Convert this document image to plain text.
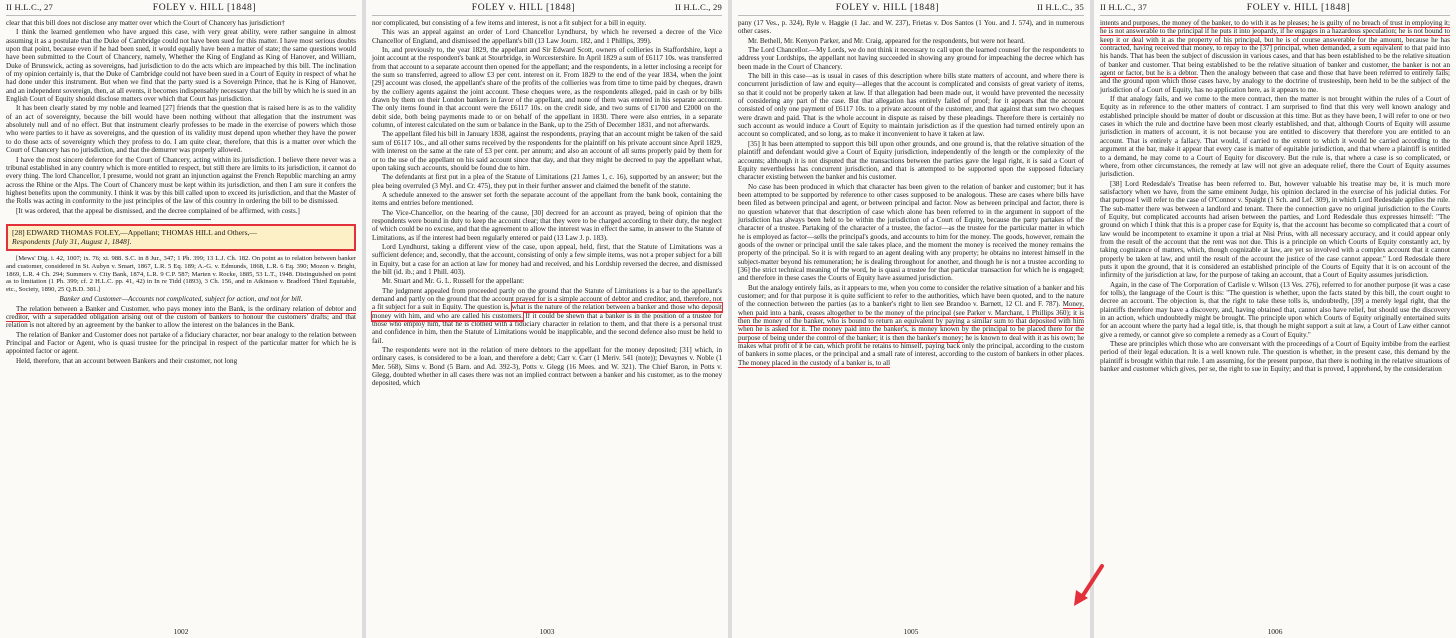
II H.L.C., 27	FOLEY v. HILL [1848]

clear that this bill does not disclose any matter over which the Court of Chancery has jurisdiction†

I think the learned gentlemen who have argued this case, with very great ability, were rather sanguine in almost assuming it as a postulate that the Duke of Cambridge could not have been sued for this matter. I have most serious doubts upon that point, because even if he had been sued, it would equally have been a matter of state; the same questions would have been submitted to the Court of Chancery, namely, Whether the King of England as King of Hanover, and William, Duke of Brunswick, acting as sovereigns, had jurisdiction to do the acts which are impeached by this bill. The inclination of my opinion certainly is, that the Duke of Cambridge could not have been sued in a Court of Equity in respect of what he had done under this instrument. But when we find that the party sued is a Sovereign Prince, that he is King of Hanover, and an independent sovereign, then, at all events, it becomes indispensably necessary that the bill by which he is sued in an English Court of Equity should disclose matters over which that Court has jurisdiction.

It has been clearly stated by my noble and learned [27] friends that the question that is raised here is as to the validity of an act of sovereignty, because the bill would have been nothing without that allegation that the instrument was absolutely null and of no effect. But that instrument clearly professes to be made in the exercise of powers which those who were parties to it have as sovereigns, and the question of its validity must depend upon whether they have the power to do those acts of sovereignty which they profess to do. I am quite clear, therefore, that this is a matter over which the Court of Chancery has no jurisdiction, and that the demurrer was properly allowed.

I have the most sincere deference for the Court of Chancery, acting within its jurisdiction. I believe there never was a tribunal established in any country which is more entitled to respect, but still there are limits to its jurisdiction, it cannot do every thing. The lord Chancellor, I presume, would not grant an injunction against the French Republic marching an army across the Rhine or the Alps. The Court of Chancery must be kept within its jurisdiction, and then I am sure it confers the highest benefits upon the community. I think it was by this bill called upon to exceed its jurisdiction, and that the Master of the Rolls was acting in conformity to the just principles of the law of this country in ordering the bill to be dismissed.

[It was ordered, that the appeal be dismissed, and the decree complained of be affirmed, with costs.]

[28] EDWARD THOMAS FOLEY,—Appellant; THOMAS HILL and Others,—
Respondents [July 31, August 1, 1848].

[Mews' Dig. i. 42, 1007; ix. 76; xi. 988. S.C. in 8 Jur., 347; 1 Ph. 399; 13 L.J. Ch. 182. On point as to relation between banker and customer, considered in St. Aubyn v. Smart, 1867, L.R. 5 Eq. 189; A.-G. v. Edmunds, 1868, L.R. 6 Eq. 390; Mozon v. Bright, 1869, L.R. 4 Ch. 294; Summers v. City Bank, 1874, L.R. 9 C.P. 587; Marten v. Rocke, 1885, 53 L.T., 1948. Distinguished on point as to limitation (1 Ph. 399; cf. 2 H.L.C. pp. 41, 42) in In re Tidd (1893), 3 Ch. 156, and in Atkinson v. Bradford Third Equitable, etc., Society, 1890, 25 Q.B.D. 381.]

Banker and Customer—Accounts not complicated, subject for action, and not for bill.

The relation between a Banker and Customer, who pays money into the Bank, is the ordinary relation of debtor and creditor, with a superadded obligation arising out of the custom of bankers to honour the customers' drafts; and that relation is not altered by an agreement by the banker to allow the interest on the balances in the Bank.

The relation of Banker and Customer does not partake of a fiduciary character, nor bear analogy to the relation between Principal and Factor or Agent, who is quasi trustee for the principal in respect of the particular matter for which he is appointed factor or agent.

Held, therefore, that an account between Bankers and their customer, not long

1002
FOLEY v. HILL [1848]	II H.L.C., 29

nor complicated, but consisting of a few items and interest, is not a fit subject for a bill in equity.

This was an appeal against an order of Lord Chancellor Lyndhurst, by which he reversed a decree of the Vice Chancellor of England, and dismissed the appellant's bill (13 Law Journ. 182, and 1 Phillips, 399).

In, and previously to, the year 1829, the appellant and Sir Edward Scott, owners of collieries in Staffordshire, kept a joint account at the respondent's bank at Stourbridge, in Worcestershire. In April 1829 a sum of £6117 10s. was transferred from that account to a separate account then opened for the appellant; and the respondents, in a letter inclosing a receipt for the sum so transferred, agreed to allow £3 per cent. interest on it. From 1829 to the end of the year 1834, when the joint [29] account was closed, the appellant's share of the profits of the collieries was from time to time paid by cheques, drawn by the colliery agents against the joint account. These cheques were, as the respondents alleged, paid in cash or by bills drawn by them on their London bankers in favor of the appellant, and none of them was entered in his separate account. The only items found in that account were the £6117 10s. on the credit side, and two sums of £1700 and £2000 on the debit side, both being payments made to or on behalf of the appellant in 1830. There were also entries, in a separate column, of interest calculated on the sum or balance in the Bank, up to the 25th of December 1831, and not afterwards.

The appellant filed his bill in January 1838, against the respondents, praying that an account might be taken of the said sum of £6117 10s., and all other sums received by the respondents for the plaintiff on his private account since April 1829, with interest on the same at the rate of £3 per cent. per annum; and also an account of all sums properly paid by them for or to the use of the appellant on his said account since that day, and that they might be decreed to pay the appellant what, upon taking such accounts, should be found due to him.

The defendants at first put in a plea of the Statute of Limitations (21 James 1, c. 16), supported by an answer; but the plea being overruled (3 Myl. and Cr. 475), they put in their further answer and claimed the benefit of the statute.

A schedule annexed to the answer set forth the separate account of the appellant from the bank book, containing the items and entries before mentioned.

The Vice-Chancellor, on the hearing of the cause, [30] decreed for an account as prayed, being of opinion that the respondents were bound in duty to keep the account clear; that they were to be charged according to their duty, the neglect of which could be no excuse, and that the agreement to allow the interest was in effect the same, in answer to the Statute of Limitations, as if the interest had been regularly entered or paid (13 Law J. p. 183).

Lord Lyndhurst, taking a different view of the case, upon appeal, held, first, that the Statute of Limitations was a sufficient defence; and, secondly, that the account, consisting of only a few simple items, was not a proper subject for a bill in Equity, but a case for an action at law for money had and received, and his Lordship reversed the decree, and dismissed the bill (id. ib.; and 1 Phill. 403).

Mr. Stuart and Mr. G. L. Russell for the appellant:

The judgment appealed from proceeded partly on the ground that the Statute of Limitations is a bar to the appellant's demand and partly on the ground that the account prayed for is a simple account of debtor and creditor, and, therefore, not a fit subject for a suit in Equity. The question is, what is the nature of the relation between a banker and those who deposit money with him, and who are called his customers. If it could be shewn that a banker is in the position of a trustee for those who employ him, that he is clothed with a fiduciary character in relation to them, and that there is a personal trust and confidence in him, then the Statute of Limitations would be inapplicable, and the second defence also must be held to fail.

The respondents were not in the relation of mere debtors to the appellant for the money deposited; [31] which, in ordinary cases, is considered to be a loan, and therefore a debt; Carr v. Carr (1 Meriv. 541 (note)); Devaynes v. Noble (1 Mer. 568), Sims v. Bond (5 Barn. and Ad. 392-3), Potts v. Glegg (16 Mees. and W. 321). The Chief Baron, in Potts v. Glegg, doubted whether in all cases there was not an implied contract between a banker and his customer, as to the money deposited, which

1003
FOLEY v. HILL [1848]	II H.L.C., 35

pany (17 Ves., p. 324), Ryle v. Haggie (1 Jac. and W. 237), Frietas v. Dos Santos (1 You. and J. 574), and in numerous other cases.

Mr. Bethell, Mr. Kenyon Parker, and Mr. Craig, appeared for the respondents, but were not heard.

The Lord Chancellor.—My Lords, we do not think it necessary to call upon the learned counsel for the respondents to address your Lordships, the appellant not having succeeded in showing any ground for impeaching the decree which has been made in the Court of Chancery.

The bill in this case—as is usual in cases of this description where bills state matters of account, and where there is concurrent jurisdiction of law and equity—alleges that the account is complicated and consists of great variety of items, so that it could not be properly taken at law. If that allegation had been made out, it would have prevented the necessity of considering any part of the case. But that allegation has entirely failed of proof; for it appears that the account consisted of only one payment of £6117 10s. to a private account of the customer, and that against that sum two cheques were drawn and paid. That is the whole account in dispute as raised by these pleadings. Therefore there is certainly no such account as would induce a Court of Equity to maintain jurisdiction as if the question had turned entirely upon an account so complicated, and so long, as to make it inconvenient to have it taken at law.

[35] It has been attempted to support this bill upon other grounds, and one ground is, that the relative situation of the plaintiff and defendant would give a Court of Equity jurisdiction, independently of the length or the complexity of the accounts; although it is not disputed that the transactions between the parties gave the legal right, it is said a Court of Equity nevertheless has concurrent jurisdiction, and that is attempted to be supported upon the supposed fiduciary character existing between the banker and his customer.

No case has been produced in which that character has been given to the relation of banker and customer; but it has been attempted to be supported by reference to other cases supposed to be analogous. These are cases where bills have been filed as between principal and agent, or between principal and factor. Now as between principal and factor, there is no question whatever that that description of case which alone has been referred to in the argument in support of the jurisdiction has always been held to be within the jurisdiction of a Court of Equity, because the party partakes of the character of a trustee. Partaking of the character of a trustee, the factor—as the trustee for the particular matter in which he is employed as factor—sells the principal's goods, and accounts to him for the money. The goods, however, remain the goods of the owner or principal until the sale takes place, and the moment the money is received the money remains the property of the principal. So it is with regard to an agent dealing with any property; he obtains no interest himself in the subject-matter beyond his remuneration; he is dealing throughout for another, and though he is not a trustee according to [36] the strict technical meaning of the word, he is quasi a trustee for that particular transaction for which he is engaged; and therefore in these cases the Courts of Equity have assumed jurisdiction.

But the analogy entirely fails, as it appears to me, when you come to consider the relative situation of a banker and his customer; and for that purpose it is quite sufficient to refer to the authorities, which have been quoted, and to the nature of the connection between the parties (as to a banker's right to lien see Brandoo v. Barnett, 12 Cl. and F. 787). Money, when paid into a bank, ceases altogether to be the money of the principal (see Parker v. Marchant, 1 Phillips 360); it is then the money of the banker, who is bound to return an equivalent by paying a similar sum to that deposited with him when he is asked for it. The money paid into the banker's, is money known by the principal to be placed there for the purpose of being under the control of the banker; it is then the banker's money; he is known to deal with it as his own; he makes what profit of it he can, which profit he retains to himself, paying back only the principal, according to the custom of bankers in some places, or the principal and a small rate of interest, according to the custom of bankers in other places. The money placed in the custody of a banker is, to all

1005
II H.L.C., 37	FOLEY v. HILL [1848]

intents and purposes, the money of the banker, to do with it as he pleases; he is guilty of no breach of trust in employing it; he is not answerable to the principal if he puts it into jeopardy, if he engages in a hazardous speculation; he is not bound to keep it or deal with it as the property of his principal, but he is of course answerable for the amount, because he has contracted, having received that money, to repay to the [37] principal, when demanded, a sum equivalent to that paid into his hands. That has been the subject of discussion in various cases, and that has been established to be the relative situation of banker and customer. That being established to be the relative situation of banker and customer, the banker is not an agent or factor, but he is a debtor. Then the analogy between that case and those that have been referred to entirely fails; and the ground upon which those cases have, by analogy to the doctrine of trusteeship, been held to be the subject of the jurisdiction of a Court of Equity, has no application here, as it appears to me.

If that analogy fails, and we come to the mere contract, then the matter is not brought within the rules of a Court of Equity as in reference to the other matters of contract. I am surprised to find that this very well known analogy and established principle should be matter of doubt or discussion at this time. But as they have been, I will refer to one or two cases in which the rule and doctrine have been most clearly established, and that, although Courts of Equity will assume jurisdiction in matters of account, it is not because you are entitled to discovery that therefore you are entitled to an account. That is entirely a fallacy. That would, if carried to the extent to which it would be carried according to the argument at the bar, make it appear that every case is matter of equitable jurisdiction, and that where a plaintiff is entitled to a demand, he may come to a Court of Equity for discovery. But the rule is, that where a case is so complicated, or where, from other circumstances, the remedy at law will not give an adequate relief, there the Court of Equity assumes jurisdiction.

[38] Lord Redesdale's Treatise has been referred to. But, however valuable his treatise may be, it is much more satisfactory when we have, from the same eminent Judge, his opinion declared in the exercise of his judicial duties. For that purpose I will refer to the case of O'Connor v. Spaight (1 Sch. and Lef. 309), in which Lord Redesdale applies the rule. The sub-matter there was between a landlord and tenant. There the connection gave no original jurisdiction to the Courts of Equity, but complicated accounts had arisen between the parties, and Lord Redesdale thus expresses himself: "The ground on which I think that this is a proper case for Equity is, that the account has become so complicated that a court of law would be incompetent to examine it upon a trial at Nisi Prius, with all necessary accuracy, and it could appear only from the result of the account that the rent was not due. This is a principle on which Courts of Equity constantly act, by taking cognizance of matters, which, though cognizable at law, are yet so involved with a complex account that it cannot properly be taken at law, and until the result of the account the justice of the case cannot appear." Lord Redesdale there puts it upon the ground, that it is considered an established principle of the Courts of Equity that it is on account of the infirmity of the jurisdiction at law, for the purpose of taking an account, that a Court of Equity assumes jurisdiction.

Again, in the case of The Corporation of Carlisle v. Wilson (13 Ves. 276), referred to for another purpose (it was a case for tolls), the language of the Court is this: "The question is whether, upon the facts stated by this bill, the court ought to decree an account. The objection is, that the right to take these tolls is, undoubtedly, [39] a merely legal right, that the plaintiffs therefore may have a discovery, and, having obtained that, cannot also have relief, but should use the discovery in an action, which undoubtedly might be brought. The principle upon which Courts of Equity originally entertained suits for an account where the party had a legal title, is, that though he might support a suit at law, a Court of Law either cannot give a remedy, or cannot give so complete a remedy as a Court of Equity."

These are principles which those who are conversant with the proceedings of a Court of Equity imbibe from the earliest period of their legal education. It is a well known rule. The question is whether, in the present case, this demand by the plaintiff is brought within that rule. I am assuming, for the present purpose, that there is nothing in the relative situations of banker and customer which gives, per se, the right to sue in Equity; and that is proved, I apprehend, by the consideration

1006
